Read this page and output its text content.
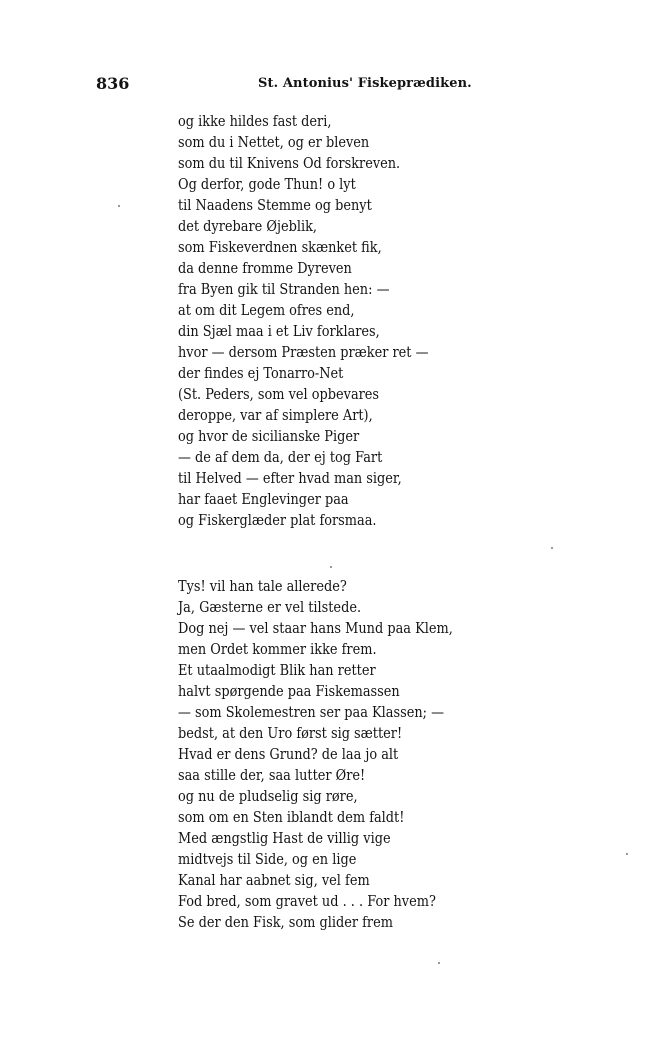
836	St. Antonius' Fiskeprædiken.
og ikke hildes fast deri,
som du i Nettet, og er bleven
som du til Knivens Od forskreven.
Og derfor, gode Thun! o lyt
til Naadens Stemme og benyt
det dyrebare Øjeblik,
som Fiskeverdnen skænket fik,
da denne fromme Dyreven
fra Byen gik til Stranden hen: —
at om dit Legem ofres end,
din Sjæl maa i et Liv forklares,
hvor — dersom Præsten præker ret —
der findes ej Tonarro-Net
(St. Peders, som vel opbevares
deroppe, var af simplere Art),
og hvor de sicilianske Piger
— de af dem da, der ej tog Fart
til Helved — efter hvad man siger,
har faaet Englevinger paa
og Fiskerglæder plat forsmaa.
Tys! vil han tale allerede?
Ja, Gæsterne er vel tilstede.
Dog nej — vel staar hans Mund paa Klem,
men Ordet kommer ikke frem.
Et utaalmodigt Blik han retter
halvt spørgende paa Fiskemassen
— som Skolemestren ser paa Klassen; —
bedst, at den Uro først sig sætter!
Hvad er dens Grund? de laa jo alt
saa stille der, saa lutter Øre!
og nu de pludselig sig røre,
som om en Sten iblandt dem faldt!
Med ængstlig Hast de villig vige
midtvejs til Side, og en lige
Kanal har aabnet sig, vel fem
Fod bred, som gravet ud . . . For hvem?
Se der den Fisk, som glider frem
